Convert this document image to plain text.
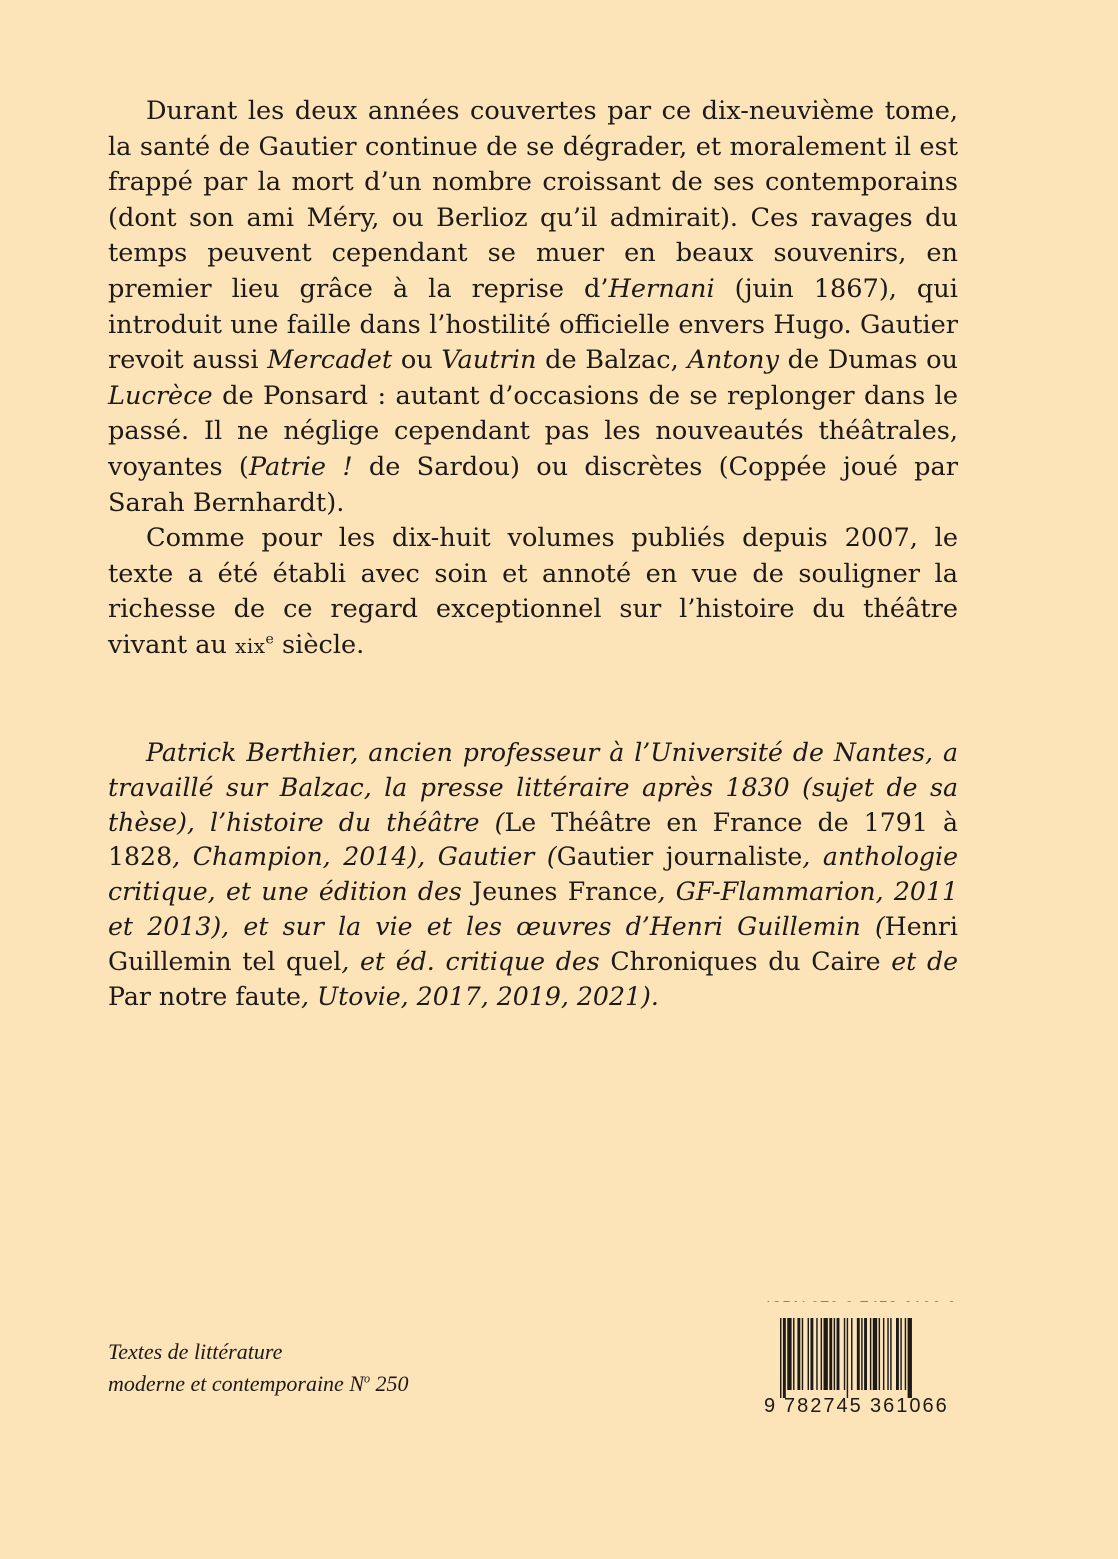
Durant les deux années couvertes par ce dix-neuvième tome, la santé de Gautier continue de se dégrader, et moralement il est frappé par la mort d’un nombre croissant de ses contemporains (dont son ami Méry, ou Berlioz qu’il admirait). Ces ravages du temps peuvent cependant se muer en beaux souvenirs, en premier lieu grâce à la reprise d’Hernani (juin 1867), qui introduit une faille dans l’hostilité officielle envers Hugo. Gautier revoit aussi Mercadet ou Vautrin de Balzac, Antony de Dumas ou Lucrèce de Ponsard : autant d’occasions de se replonger dans le passé. Il ne néglige cependant pas les nouveautés théâtrales, voyantes (Patrie ! de Sardou) ou discrètes (Coppée joué par Sarah Bernhardt).

Comme pour les dix-huit volumes publiés depuis 2007, le texte a été établi avec soin et annoté en vue de souligner la richesse de ce regard exceptionnel sur l’histoire du théâtre vivant au xix$^e$ siècle.

Patrick Berthier, ancien professeur à l’Université de Nantes, a travaillé sur Balzac, la presse littéraire après 1830 (sujet de sa thèse), l’histoire du théâtre (Le Théâtre en France de 1791 à 1828, Champion, 2014), Gautier (Gautier journaliste, anthologie critique, et une édition des Jeunes France, GF-Flammarion, 2011 et 2013), et sur la vie et les œuvres d’Henri Guillemin (Henri Guillemin tel quel, et éd. critique des Chroniques du Caire et de Par notre faute, Utovie, 2017, 2019, 2021).

Textes de littérature
moderne et contemporaine $N^o$ 250
9 782745 361066
